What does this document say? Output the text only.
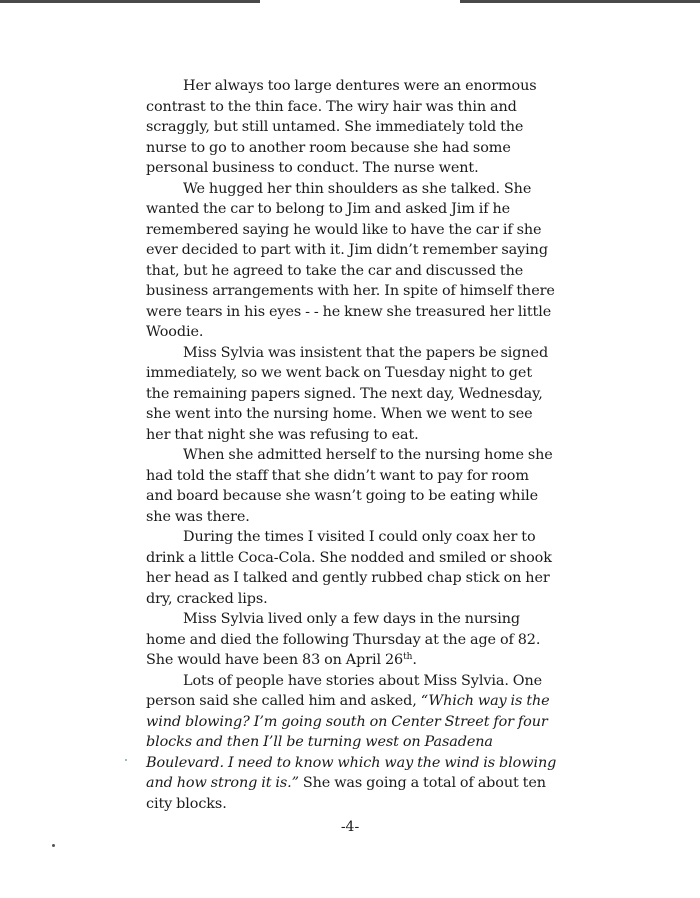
Her always too large dentures were an enormous contrast to the thin face. The wiry hair was thin and scraggly, but still untamed. She immediately told the nurse to go to another room because she had some personal business to conduct. The nurse went.

We hugged her thin shoulders as she talked. She wanted the car to belong to Jim and asked Jim if he remembered saying he would like to have the car if she ever decided to part with it. Jim didn’t remember saying that, but he agreed to take the car and discussed the business arrangements with her. In spite of himself there were tears in his eyes - - he knew she treasured her little Woodie.

Miss Sylvia was insistent that the papers be signed immediately, so we went back on Tuesday night to get the remaining papers signed. The next day, Wednesday, she went into the nursing home. When we went to see her that night she was refusing to eat.

When she admitted herself to the nursing home she had told the staff that she didn’t want to pay for room and board because she wasn’t going to be eating while she was there.

During the times I visited I could only coax her to drink a little Coca-Cola. She nodded and smiled or shook her head as I talked and gently rubbed chap stick on her dry, cracked lips.

Miss Sylvia lived only a few days in the nursing home and died the following Thursday at the age of 82. She would have been 83 on April 26th.

Lots of people have stories about Miss Sylvia. One person said she called him and asked, “Which way is the wind blowing? I’m going south on Center Street for four blocks and then I’ll be turning west on Pasadena Boulevard. I need to know which way the wind is blowing and how strong it is.” She was going a total of about ten city blocks.

-4-
